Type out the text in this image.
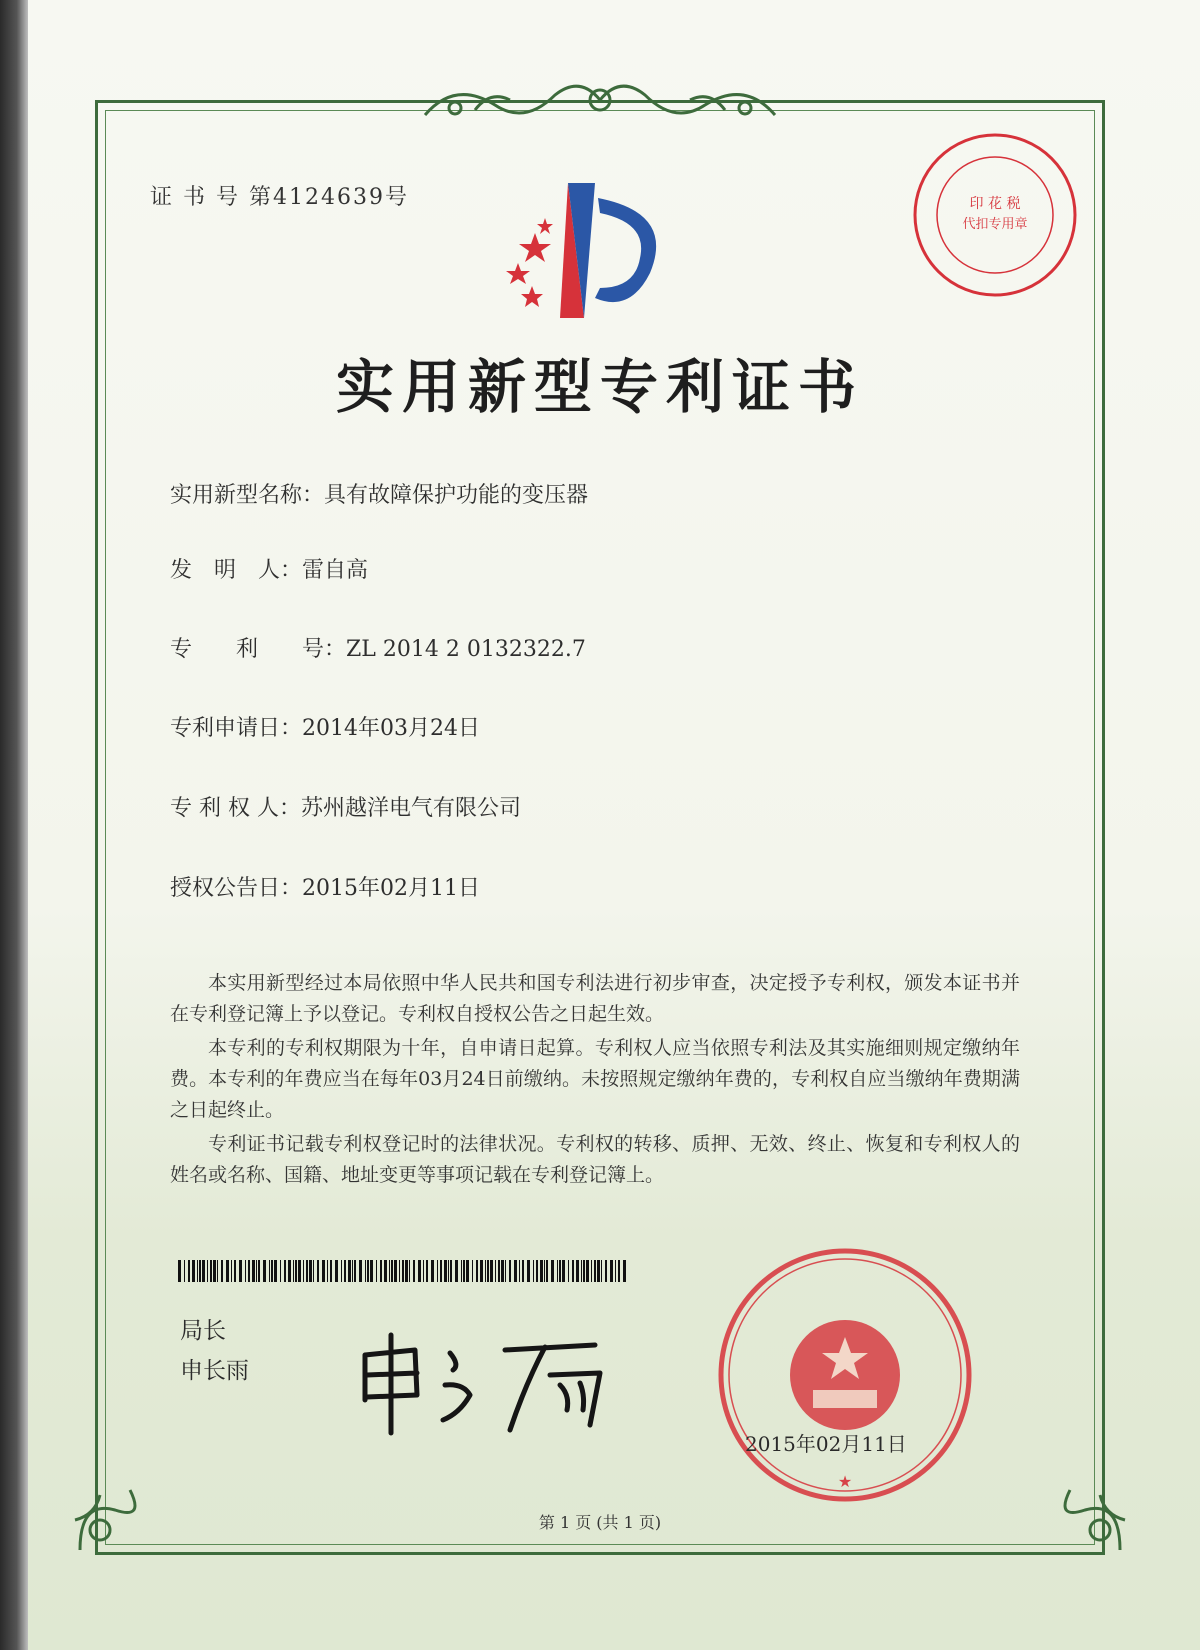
证 书 号 第4124639号	印 花 税
代扣专用章
实用新型专利证书
实用新型名称：具有故障保护功能的变压器
发　明　人：雷自高
专　　利　　号：ZL 2014 2 0132322.7
专利申请日：2014年03月24日
专 利 权 人：苏州越洋电气有限公司
授权公告日：2015年02月11日

本实用新型经过本局依照中华人民共和国专利法进行初步审查，决定授予专利权，颁发本证书并在专利登记簿上予以登记。专利权自授权公告之日起生效。

本专利的专利权期限为十年，自申请日起算。专利权人应当依照专利法及其实施细则规定缴纳年费。本专利的年费应当在每年03月24日前缴纳。未按照规定缴纳年费的，专利权自应当缴纳年费期满之日起终止。

专利证书记载专利权登记时的法律状况。专利权的转移、质押、无效、终止、恢复和专利权人的姓名或名称、国籍、地址变更等事项记载在专利登记簿上。

局长
申长雨
★
2015年02月11日
第 1 页 (共 1 页)
